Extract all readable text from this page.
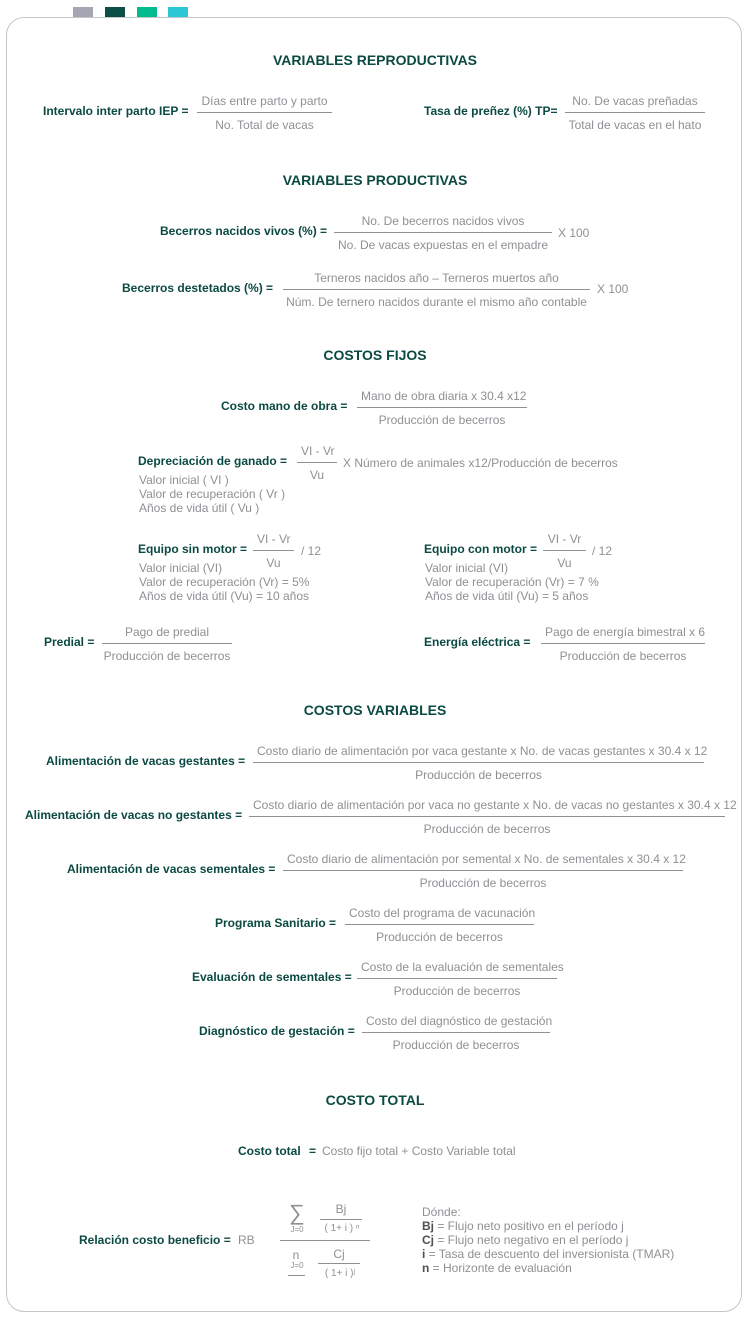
VARIABLES REPRODUCTIVAS
Intervalo inter parto IEP =
Días entre parto y parto
No. Total de vacas
Tasa de preñez (%) TP=
No. De vacas preñadas
Total de vacas en el hato
VARIABLES PRODUCTIVAS
Becerros nacidos vivos (%) =
No. De becerros nacidos vivos
No. De vacas expuestas en el empadre
X 100
Becerros destetados (%) =
Terneros nacidos año – Terneros muertos año
Núm. De ternero nacidos durante el mismo año contable
X 100
COSTOS FIJOS
Costo mano de obra =
Mano de obra diaria x 30.4 x12
Producción de becerros
Depreciación de ganado = $\frac{VI - Vr}{Vu}$ X Número de animales x12/Producción de becerros
Valor inicial ( VI )
Valor de recuperación ( Vr )
Años de vida útil ( Vu )
Equipo sin motor = $\frac{VI - Vr}{Vu} / 12$
Valor inicial (VI)
Valor de recuperación (Vr) = 5%
Años de vida útil (Vu) = 10 años
Equipo con motor = $\frac{VI - Vr}{Vu} / 12$
Valor inicial (VI)
Valor de recuperación (Vr) = 7 %
Años de vida útil (Vu) = 5 años
Predial =
Pago de predial
Producción de becerros
Energía eléctrica =
Pago de energía bimestral x 6
Producción de becerros
COSTOS VARIABLES
Alimentación de vacas gestantes =
Costo diario de alimentación por vaca gestante x No. de vacas gestantes x 30.4 x 12
Producción de becerros
Alimentación de vacas no gestantes =
Costo diario de alimentación por vaca no gestante x No. de vacas no gestantes x 30.4 x 12
Producción de becerros
Alimentación de vacas sementales =
Costo diario de alimentación por semental x No. de sementales x 30.4 x 12
Producción de becerros
Programa Sanitario =
Costo del programa de vacunación
Producción de becerros
Evaluación de sementales =
Costo de la evaluación de sementales
Producción de becerros
Diagnóstico de gestación =
Costo del diagnóstico de gestación
Producción de becerros
COSTO TOTAL
Costo total = Costo fijo total + Costo Variable total
Relación costo beneficio = RB
∑
J=0
Bj
( 1+ i ) ⁿ
n
J=0
Cj
( 1+ i )ʲ
Dónde:
Bj = Flujo neto positivo en el período j
Cj = Flujo neto negativo en el período j
i = Tasa de descuento del inversionista (TMAR)
n = Horizonte de evaluación
